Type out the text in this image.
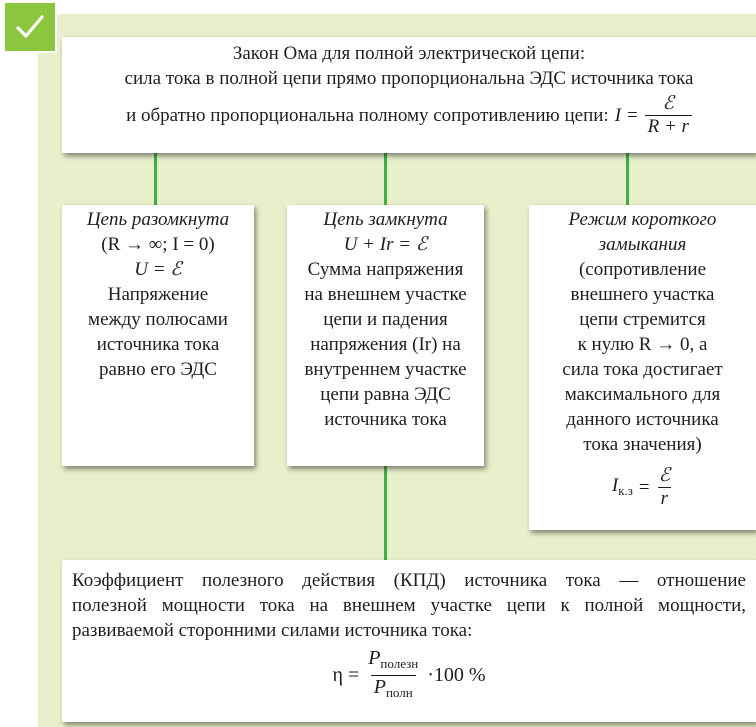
Закон Ома для полной электрической цепи:
сила тока в полной цепи прямо пропорциональна ЭДС источника тока
и обратно пропорциональна полному сопротивлению цепи: $I = \frac{\text{ℰ}}{R + r}$
Цепь разомкнута
(R → ∞; I = 0)
U = ℰ
Напряжение
между полюсами
источника тока
равно его ЭДС
Цепь замкнута
U + Ir = ℰ
Сумма напряжения
на внешнем участке
цепи и падения
напряжения (Ir) на
внутреннем участке
цепи равна ЭДС
источника тока
Режим короткого
замыкания
(сопротивление
внешнего участка
цепи стремится
к нулю R → 0, а
сила тока достигает
максимального для
данного источника
тока значения)
$I_{к.з} = \frac{\text{ℰ}}{r}$

Коэффициент полезного действия (КПД) источника тока — отношение

полезной мощности тока на внешнем участке цепи к полной мощности,

развиваемой сторонними силами источника тока:

$\eta = \frac{P_{полезн}}{P_{полн}} \cdot 100$ %
